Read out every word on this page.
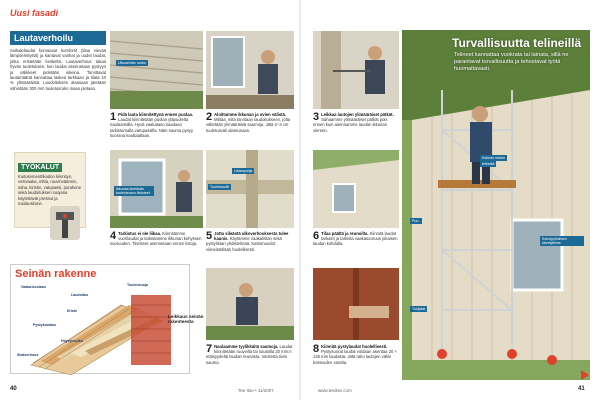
Uusi fasadi
Lautaverhoilu
Suikalelaudat korvaavat komfortit (tilaa vievää lämpöeristystä) ja kantavat vanhat ja uudet laudat, jotka eristetään keskeltä. Lautaverhous takaa hyvän tuuletuksen, kun laudat asennetaan pystyyn ja välikkeet pidetään oikeina. Tarvittavat lautamäärät kannattaa laskea tarkkaan ja tilata 10 % ylimääräistä. Laudoituksen alaosaan jätetään vähintään 300 mm tuuletusrako maan pintaan.
TYÖKALUT
Kuitusementtikadon kiinnitys, vesivaaka, mitta, ruuvinväännin, saha, kiristin, vatupassi, porakone sekä laudoituksen suojana käytettävät pressut ja naulauskone.
Ulkoseinän runko
1 Pidä lauta kiinnitettynä ennen puolaa. Laudat kiinnitetään puolan yläpuolelta naulaamalla. Hyvä vaakataso saadaan tarkistamalla vatupassilla. Näin sauma pysyy suorana kauttaaltaan.
2 Aloittamme ikkunan ja ovien välistä. Mittaa, mitä tarvitaan laudoitukseen, jotta vältetään ylimääräisiä saumoja. Jätä 2–3 cm tuuletusväli alareunaan.
3 Leikkaa lautojen ylimääräiset pätkät. Sahaamme ylimääräiset pätkät pois ennen kuin asennamme laudan ikkunan viereen.
Ikkunaa kiertävän tuuletusraon tiivisteet
Listanpohja
Tuuletusväli
4 Tarkistus ei ole liikaa. Kiinnitämme vuorilaudat ja tarkistamme ikkunan kehyksen suoruuden. Tiivisteet asennetaan ennen listoja.
5 Jotta sileästä ulkoverhouksesta tulee kaunis. Käytämme vaakalistan sekä pystylistan yhdistelmää. Kattomuodot viimeistellään huolellisesti.
6 Tilaa päältä ja reunoilta. Kiinnitä laudat tarkasti ja tarkista vaakasuoruus jokaisen laudan kohdalla.
7 Naulaamme tyylikkäitä saumoja. Laudat kiinnitetään ruuveilla tai nauloilla 20 mm:n etäisyydeltä laudan reunasta. Varmista tiivis sauma.
8 Kiinnitä pystylaudat huolellisesti. Pystysuorat laudat voidaan asentaa 20 × 145 mm laudasta. Jätä rako lautojen väliin kosteuden varalta.
Seinän rakenne
Vaaka-koolaus
Laudoitus
Tuulensuoja
Eriste
Pystykoolaus
Höyrynsulku
Sisäverhous
Leikkaus seinän rakenteesta
Turvallisuutta telineillä
Telineet kannattaa vuokrata tai lainata, sillä ne parantavat turvallisuutta ja tehostavat työtä huomattavasti.
Kolmen metrin
telineitä
Puu-
Kolmipyöräinen kävelyteline
Tukijalat
40	Tee Itse • 11/2007	www.teeitse.com	41
